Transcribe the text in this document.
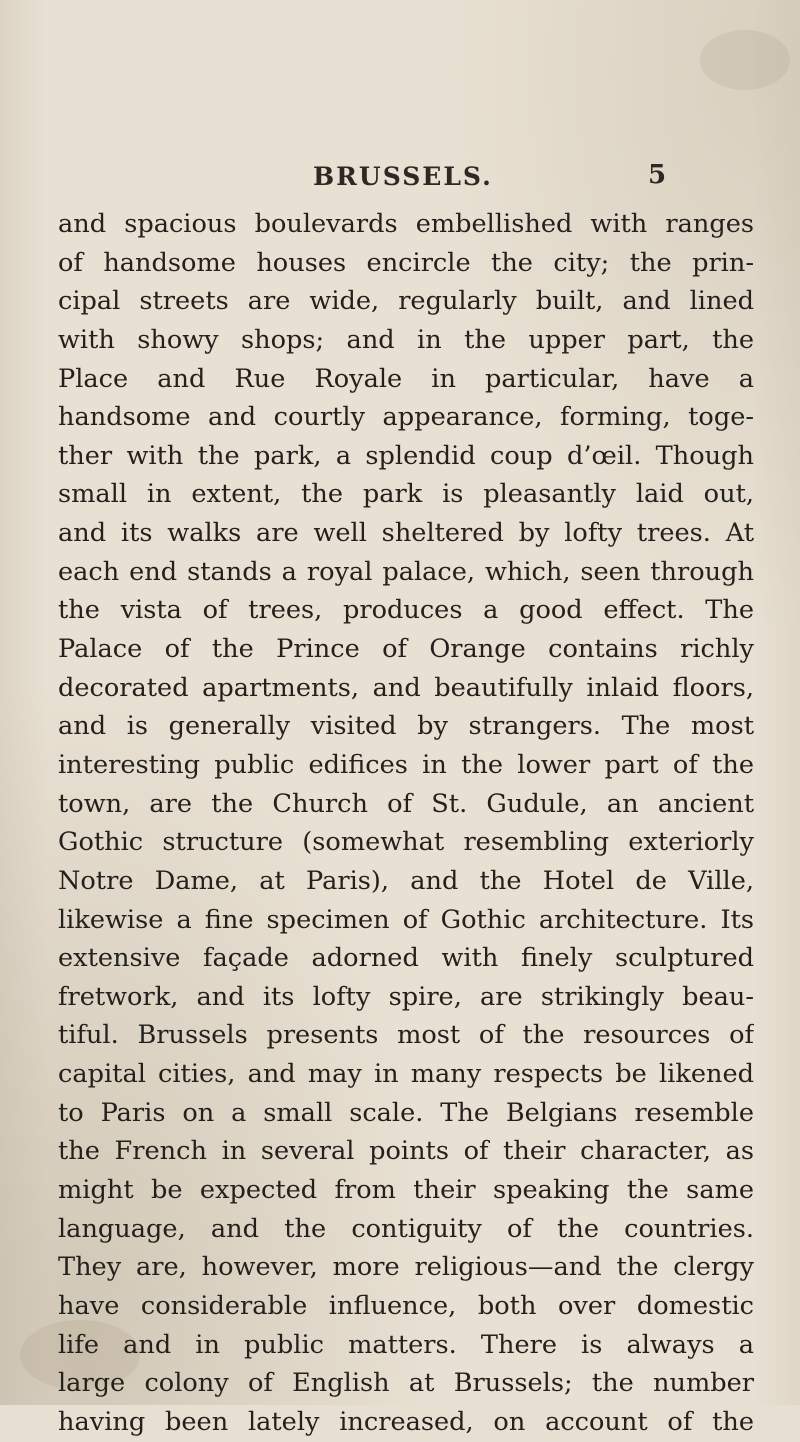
BRUSSELS.	5
and spacious boulevards embellished with ranges
of handsome houses encircle the city; the prin-
cipal streets are wide, regularly built, and lined
with showy shops; and in the upper part, the
Place and Rue Royale in particular, have a
handsome and courtly appearance, forming, toge-
ther with the park, a splendid coup d’œil. Though
small in extent, the park is pleasantly laid out,
and its walks are well sheltered by lofty trees. At
each end stands a royal palace, which, seen through
the vista of trees, produces a good effect. The
Palace of the Prince of Orange contains richly
decorated apartments, and beautifully inlaid floors,
and is generally visited by strangers. The most
interesting public edifices in the lower part of the
town, are the Church of St. Gudule, an ancient
Gothic structure (somewhat resembling exteriorly
Notre Dame, at Paris), and the Hotel de Ville,
likewise a fine specimen of Gothic architecture. Its
extensive façade adorned with finely sculptured
fretwork, and its lofty spire, are strikingly beau-
tiful. Brussels presents most of the resources of
capital cities, and may in many respects be likened
to Paris on a small scale. The Belgians resemble
the French in several points of their character, as
might be expected from their speaking the same
language, and the contiguity of the countries.
They are, however, more religious—and the clergy
have considerable influence, both over domestic
life and in public matters. There is always a
large colony of English at Brussels; the number
having been lately increased, on account of the
